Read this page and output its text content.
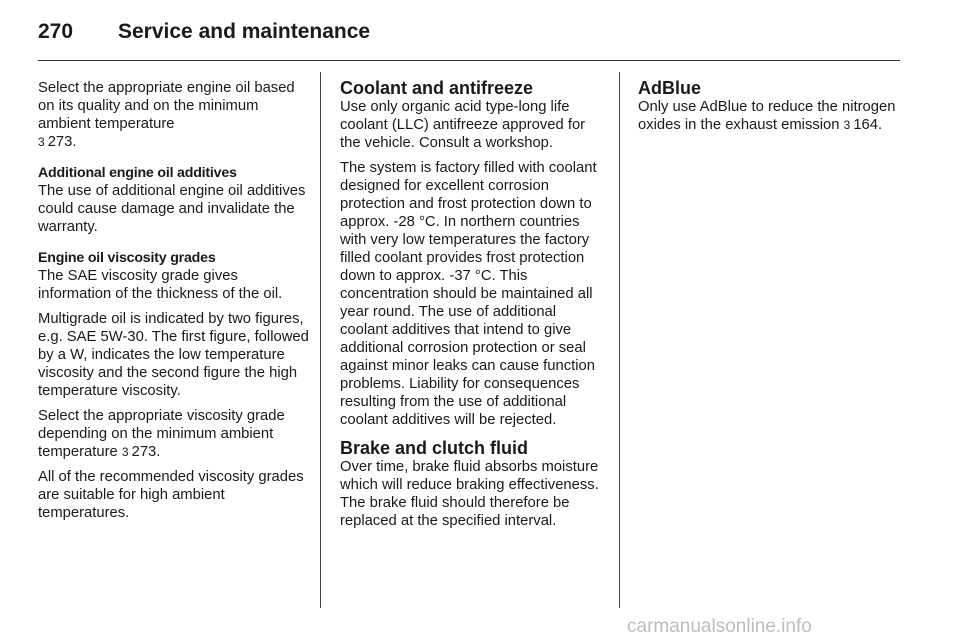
270 Service and maintenance

Select the appropriate engine oil based on its quality and on the minimum ambient temperature
3 273.

Additional engine oil additives

The use of additional engine oil additives could cause damage and invalidate the warranty.

Engine oil viscosity grades

The SAE viscosity grade gives information of the thickness of the oil.

Multigrade oil is indicated by two figures, e.g. SAE 5W-30. The first figure, followed by a W, indicates the low temperature viscosity and the second figure the high temperature viscosity.

Select the appropriate viscosity grade depending on the minimum ambient temperature 3 273.

All of the recommended viscosity grades are suitable for high ambient temperatures.

Coolant and antifreeze

Use only organic acid type-long life coolant (LLC) antifreeze approved for the vehicle. Consult a workshop.

The system is factory filled with coolant designed for excellent corrosion protection and frost protection down to approx. -28 °C. In northern countries with very low temperatures the factory filled coolant provides frost protection down to approx. -37 °C. This concentration should be maintained all year round. The use of additional coolant additives that intend to give additional corrosion protection or seal against minor leaks can cause function problems. Liability for consequences resulting from the use of additional coolant additives will be rejected.

Brake and clutch fluid

Over time, brake fluid absorbs moisture which will reduce braking effectiveness. The brake fluid should therefore be replaced at the specified interval.

AdBlue

Only use AdBlue to reduce the nitrogen oxides in the exhaust emission 3 164.

carmanualsonline.info
